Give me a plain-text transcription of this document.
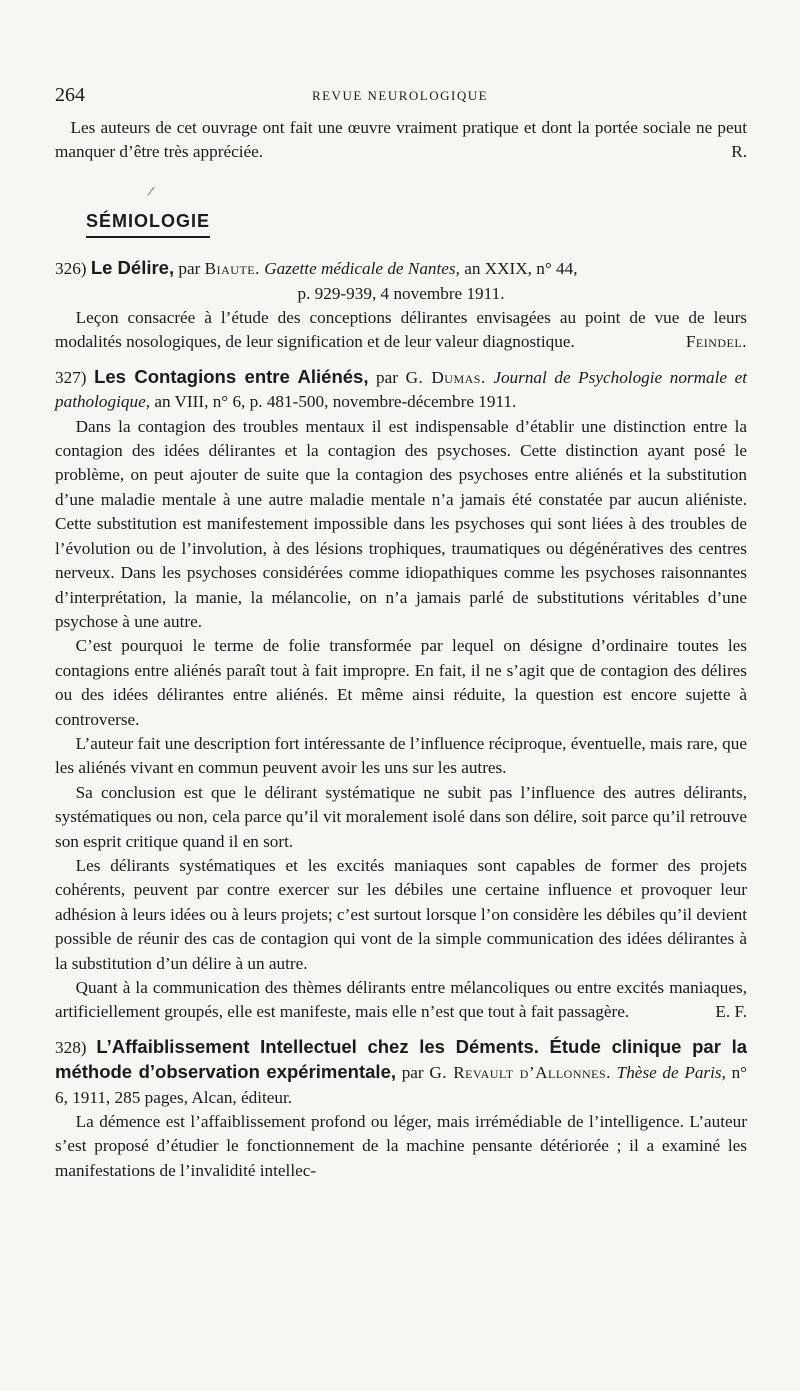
264	REVUE NEUROLOGIQUE
/

Les auteurs de cet ouvrage ont fait une œuvre vraiment pratique et dont la portée sociale ne peut manquer d’être très appréciée.	R.

SÉMIOLOGIE

326) Le Délire, par Biaute. Gazette médicale de Nantes, an XXIX, n° 44,

p. 929-939, 4 novembre 1911.

Leçon consacrée à l’étude des conceptions délirantes envisagées au point de vue de leurs modalités nosologiques, de leur signification et de leur valeur diagnostique.	Feindel.

327) Les Contagions entre Aliénés, par G. Dumas. Journal de Psychologie normale et pathologique, an VIII, n° 6, p. 481-500, novembre-décembre 1911.

Dans la contagion des troubles mentaux il est indispensable d’établir une distinction entre la contagion des idées délirantes et la contagion des psychoses. Cette distinction ayant posé le problème, on peut ajouter de suite que la contagion des psychoses entre aliénés et la substitution d’une maladie mentale à une autre maladie mentale n’a jamais été constatée par aucun aliéniste. Cette substitution est manifestement impossible dans les psychoses qui sont liées à des troubles de l’évolution ou de l’involution, à des lésions trophiques, traumatiques ou dégénératives des centres nerveux. Dans les psychoses considérées comme idiopathiques comme les psychoses raisonnantes d’interprétation, la manie, la mélancolie, on n’a jamais parlé de substitutions véritables d’une psychose à une autre.

C’est pourquoi le terme de folie transformée par lequel on désigne d’ordinaire toutes les contagions entre aliénés paraît tout à fait impropre. En fait, il ne s’agit que de contagion des délires ou des idées délirantes entre aliénés. Et même ainsi réduite, la question est encore sujette à controverse.

L’auteur fait une description fort intéressante de l’influence réciproque, éventuelle, mais rare, que les aliénés vivant en commun peuvent avoir les uns sur les autres.

Sa conclusion est que le délirant systématique ne subit pas l’influence des autres délirants, systématiques ou non, cela parce qu’il vit moralement isolé dans son délire, soit parce qu’il retrouve son esprit critique quand il en sort.

Les délirants systématiques et les excités maniaques sont capables de former des projets cohérents, peuvent par contre exercer sur les débiles une certaine influence et provoquer leur adhésion à leurs idées ou à leurs projets; c’est surtout lorsque l’on considère les débiles qu’il devient possible de réunir des cas de contagion qui vont de la simple communication des idées délirantes à la substitution d’un délire à un autre.

Quant à la communication des thèmes délirants entre mélancoliques ou entre excités maniaques, artificiellement groupés, elle est manifeste, mais elle n’est que tout à fait passagère.	E. F.

328) L’Affaiblissement Intellectuel chez les Déments. Étude clinique par la méthode d’observation expérimentale, par G. Revault d’Allonnes. Thèse de Paris, n° 6, 1911, 285 pages, Alcan, éditeur.

La démence est l’affaiblissement profond ou léger, mais irrémédiable de l’intelligence. L’auteur s’est proposé d’étudier le fonctionnement de la machine pensante détériorée ; il a examiné les manifestations de l’invalidité intellec-
